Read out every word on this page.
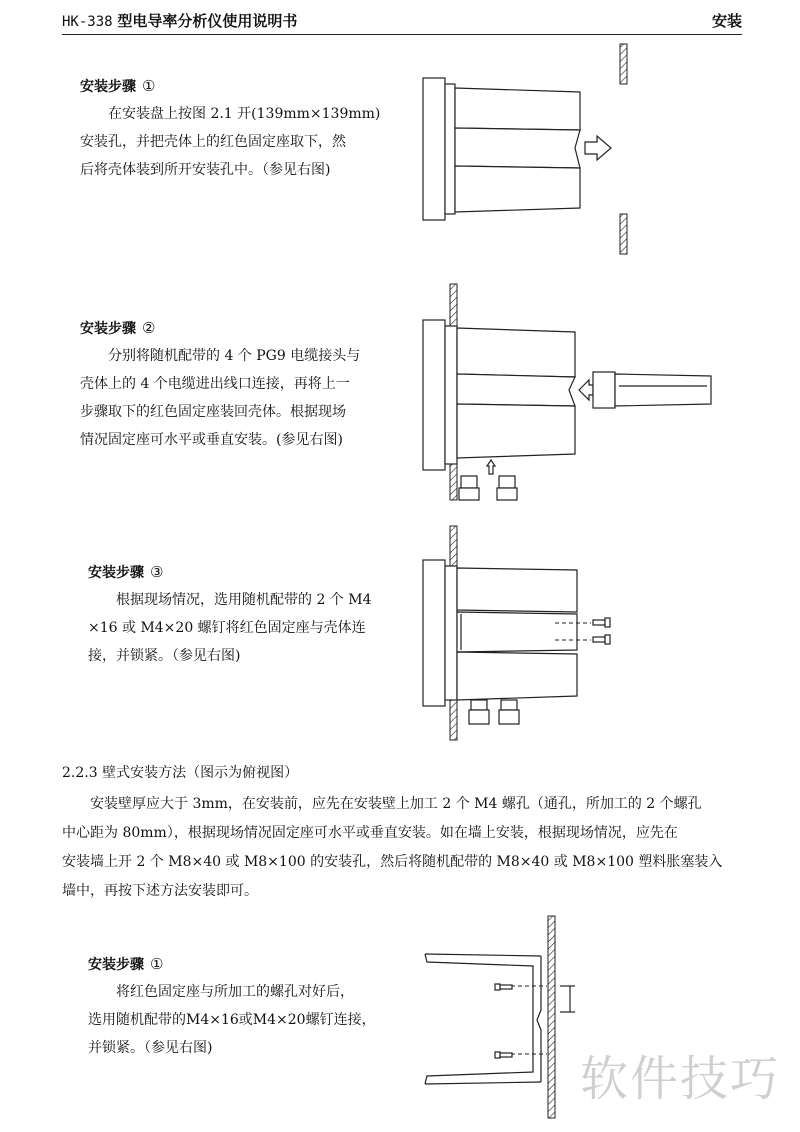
HK-338 型电导率分析仪使用说明书	安装
安装步骤 ①
在安装盘上按图 2.1 开(139mm×139mm)
安装孔，并把壳体上的红色固定座取下，然
后将壳体装到所开安装孔中。（参见右图)
安装步骤 ②
分别将随机配带的 4 个 PG9 电缆接头与
壳体上的 4 个电缆进出线口连接，再将上一
步骤取下的红色固定座装回壳体。根据现场
情况固定座可水平或垂直安装。(参见右图)
安装步骤 ③
根据现场情况，选用随机配带的 2 个 M4
×16 或 M4×20 螺钉将红色固定座与壳体连
接，并锁紧。（参见右图)
2.2.3 壁式安装方法（图示为俯视图）
安装壁厚应大于 3mm，在安装前，应先在安装壁上加工 2 个 M4 螺孔（通孔，所加工的 2 个螺孔
中心距为 80mm），根据现场情况固定座可水平或垂直安装。如在墙上安装，根据现场情况，应先在
安装墙上开 2 个 M8×40 或 M8×100 的安装孔，然后将随机配带的 M8×40 或 M8×100 塑料胀塞装入
墙中，再按下述方法安装即可。
安装步骤 ①
将红色固定座与所加工的螺孔对好后，
选用随机配带的M4×16或M4×20螺钉连接，
并锁紧。（参见右图)
软件技巧
